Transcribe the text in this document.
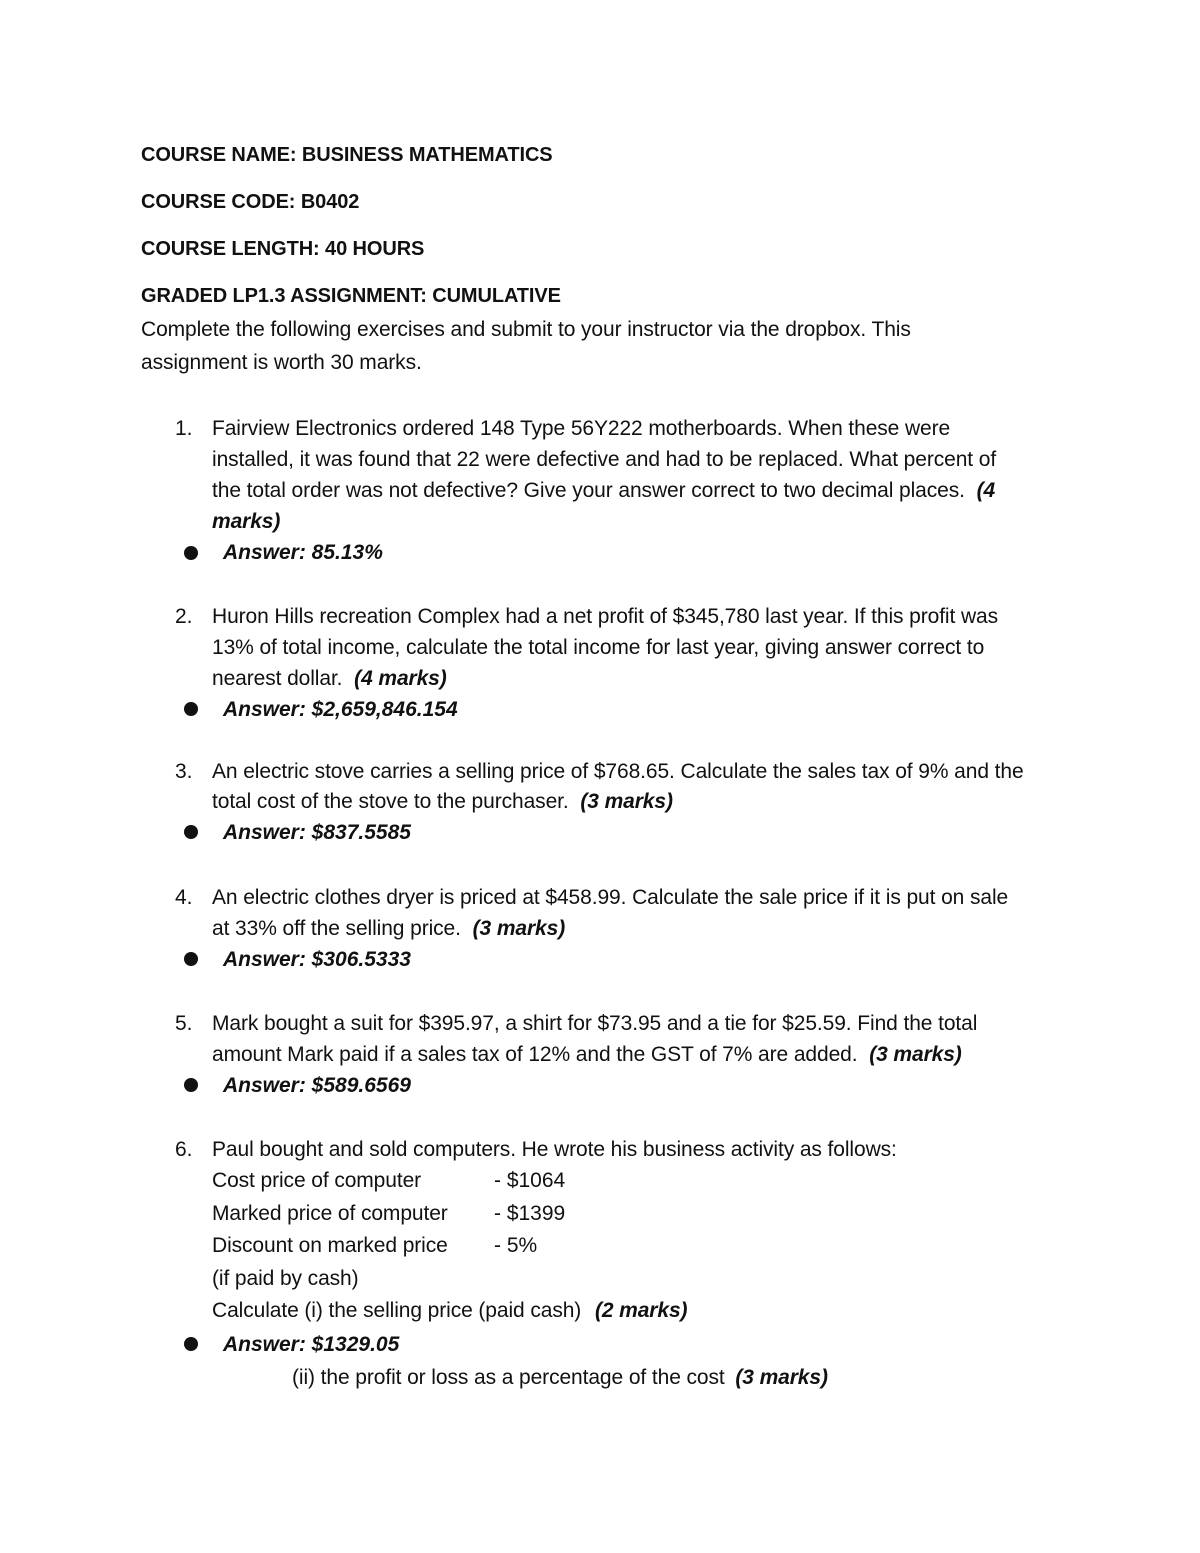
COURSE NAME: BUSINESS MATHEMATICS
COURSE CODE: B0402
COURSE LENGTH: 40 HOURS
GRADED LP1.3 ASSIGNMENT: CUMULATIVE
Complete the following exercises and submit to your instructor via the dropbox. This
assignment is worth 30 marks.
1. Fairview Electronics ordered 148 Type 56Y222 motherboards. When these were
installed, it was found that 22 were defective and had to be replaced. What percent of
the total order was not defective? Give your answer correct to two decimal places. (4
marks)
Answer: 85.13%
2. Huron Hills recreation Complex had a net profit of $345,780 last year. If this profit was
13% of total income, calculate the total income for last year, giving answer correct to
nearest dollar. (4 marks)
Answer: $2,659,846.154
3. An electric stove carries a selling price of $768.65. Calculate the sales tax of 9% and the
total cost of the stove to the purchaser. (3 marks)
Answer: $837.5585
4. An electric clothes dryer is priced at $458.99. Calculate the sale price if it is put on sale
at 33% off the selling price. (3 marks)
Answer: $306.5333
5. Mark bought a suit for $395.97, a shirt for $73.95 and a tie for $25.59. Find the total
amount Mark paid if a sales tax of 12% and the GST of 7% are added. (3 marks)
Answer: $589.6569
6. Paul bought and sold computers. He wrote his business activity as follows:
Cost price of computer	- $1064
Marked price of computer - $1399
Discount on marked price - 5%
(if paid by cash)
Calculate (i) the selling price (paid cash) (2 marks)
Answer: $1329.05
(ii) the profit or loss as a percentage of the cost (3 marks)
